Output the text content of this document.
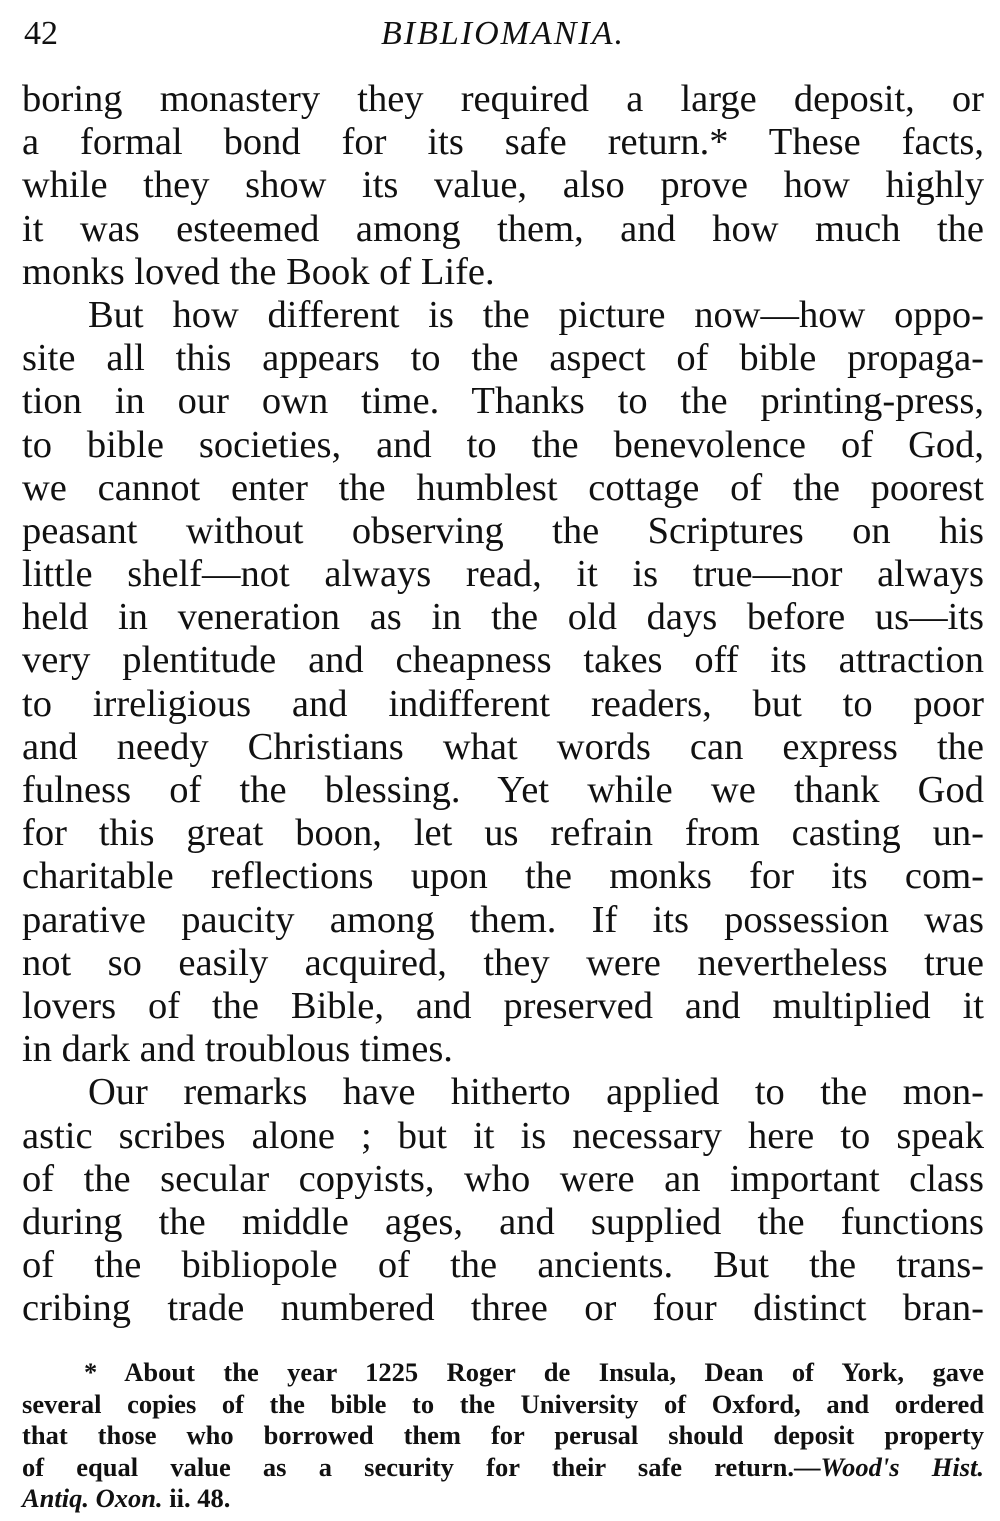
42	BIBLIOMANIA.
boring monastery they required a large deposit, or
a formal bond for its safe return.* These facts,
while they show its value, also prove how highly
it was esteemed among them, and how much the
monks loved the Book of Life.
But how different is the picture now—how oppo-
site all this appears to the aspect of bible propaga-
tion in our own time. Thanks to the printing-press,
to bible societies, and to the benevolence of God,
we cannot enter the humblest cottage of the poorest
peasant without observing the Scriptures on his
little shelf—not always read, it is true—nor always
held in veneration as in the old days before us—its
very plentitude and cheapness takes off its attraction
to irreligious and indifferent readers, but to poor
and needy Christians what words can express the
fulness of the blessing. Yet while we thank God
for this great boon, let us refrain from casting un-
charitable reflections upon the monks for its com-
parative paucity among them. If its possession was
not so easily acquired, they were nevertheless true
lovers of the Bible, and preserved and multiplied it
in dark and troublous times.
Our remarks have hitherto applied to the mon-
astic scribes alone ; but it is necessary here to speak
of the secular copyists, who were an important class
during the middle ages, and supplied the functions
of the bibliopole of the ancients. But the trans-
cribing trade numbered three or four distinct bran-
* About the year 1225 Roger de Insula, Dean of York, gave
several copies of the bible to the University of Oxford, and ordered
that those who borrowed them for perusal should deposit property
of equal value as a security for their safe return.—Wood's Hist.
Antiq. Oxon. ii. 48.
